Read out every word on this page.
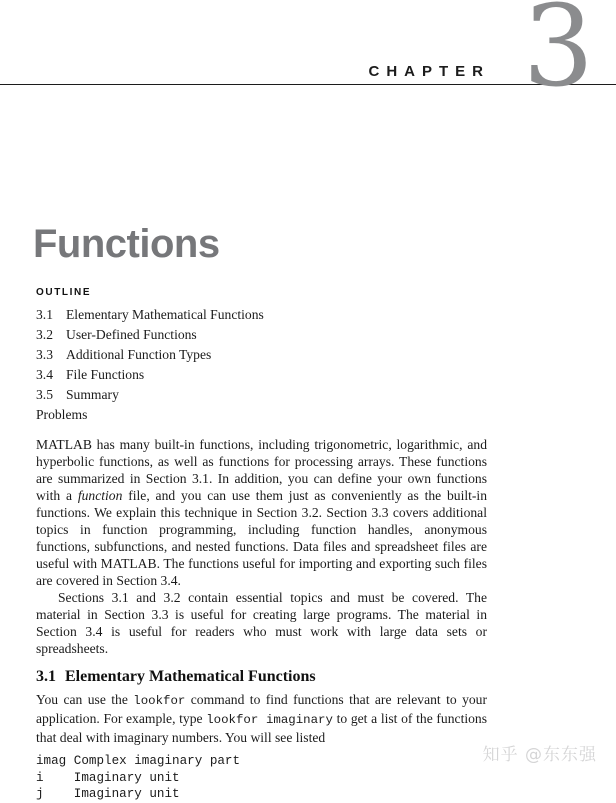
CHAPTER 3
Functions
OUTLINE
3.1 Elementary Mathematical Functions
3.2 User-Defined Functions
3.3 Additional Function Types
3.4 File Functions
3.5 Summary
Problems

MATLAB has many built-in functions, including trigonometric, logarithmic, and hyperbolic functions, as well as functions for processing arrays. These functions are summarized in Section 3.1. In addition, you can define your own functions with a function file, and you can use them just as conveniently as the built-in functions. We explain this technique in Section 3.2. Section 3.3 covers additional topics in function programming, including function handles, anonymous functions, subfunctions, and nested functions. Data files and spreadsheet files are useful with MATLAB. The functions useful for importing and exporting such files are covered in Section 3.4.

Sections 3.1 and 3.2 contain essential topics and must be covered. The material in Section 3.3 is useful for creating large programs. The material in Section 3.4 is useful for readers who must work with large data sets or spreadsheets.

3.1 Elementary Mathematical Functions

You can use the lookfor command to find functions that are relevant to your application. For example, type lookfor imaginary to get a list of the functions that deal with imaginary numbers. You will see listed

imag Complex imaginary part
i    Imaginary unit
j    Imaginary unit
知乎 @东东强
